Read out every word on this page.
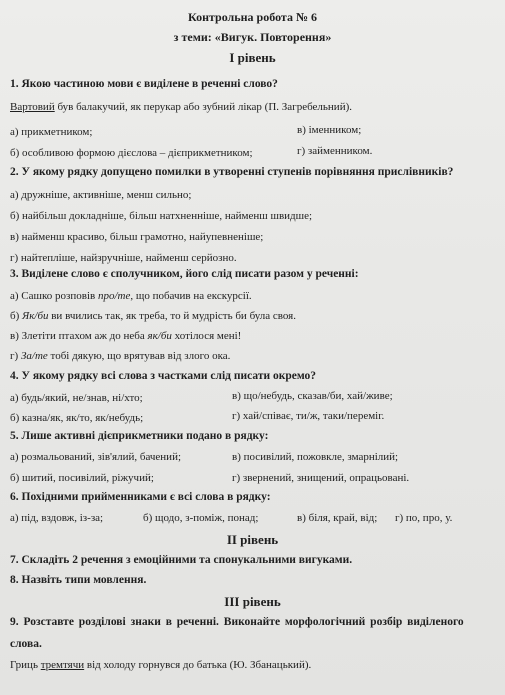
Контрольна робота № 6
з теми: «Вигук. Повторення»
I рівень
1. Якою частиною мови є виділене в реченні слово?
Вартовий був балакучий, як перукар або зубний лікар (П. Загребельний).
а) прикметником;	в) іменником;
б) особливою формою дієслова – дієприкметником;	г) займенником.
2. У якому рядку допущено помилки в утворенні ступенів порівняння прислівників?
а) дружніше, активніше, менш сильно;
б) найбільш докладніше, більш натхненніше, найменш швидше;
в) найменш красиво, більш грамотно, найупевненіше;
г) найтепліше, найзручніше, найменш серйозно.
3. Виділене слово є сполучником, його слід писати разом у реченні:
а) Сашко розповів про/те, що побачив на екскурсії.
б) Як/би ви вчились так, як треба, то й мудрість би була своя.
в) Злетіти птахом аж до неба як/би хотілося мені!
г) За/те тобі дякую, що врятував від злого ока.
4. У якому рядку всі слова з частками слід писати окремо?
а) будь/який, не/знав, ні/хто;	в) що/небудь, сказав/би, хай/живе;
б) казна/як, як/то, як/небудь;	г) хай/співає, ти/ж, таки/переміг.
5. Лише активні дієприкметники подано в рядку:
а) розмальований, зів'ялий, бачений;	в) посивілий, пожовкле, змарнілий;
б) шитий, посивілий, ріжучий;	г) звернений, знищений, опрацьовані.
6. Похідними прийменниками є всі слова в рядку:
а) під, вздовж, із-за;	б) щодо, з-поміж, понад;	в) біля, край, від; г) по, про, у.
II рівень
7. Складіть 2 речення з емоційними та спонукальними вигуками.
8. Назвіть типи мовлення.
III рівень
9. Розставте розділові знаки в реченні. Виконайте морфологічний розбір виділеного
слова.
Гриць тремтячи від холоду горнувся до батька (Ю. Збанацький).
